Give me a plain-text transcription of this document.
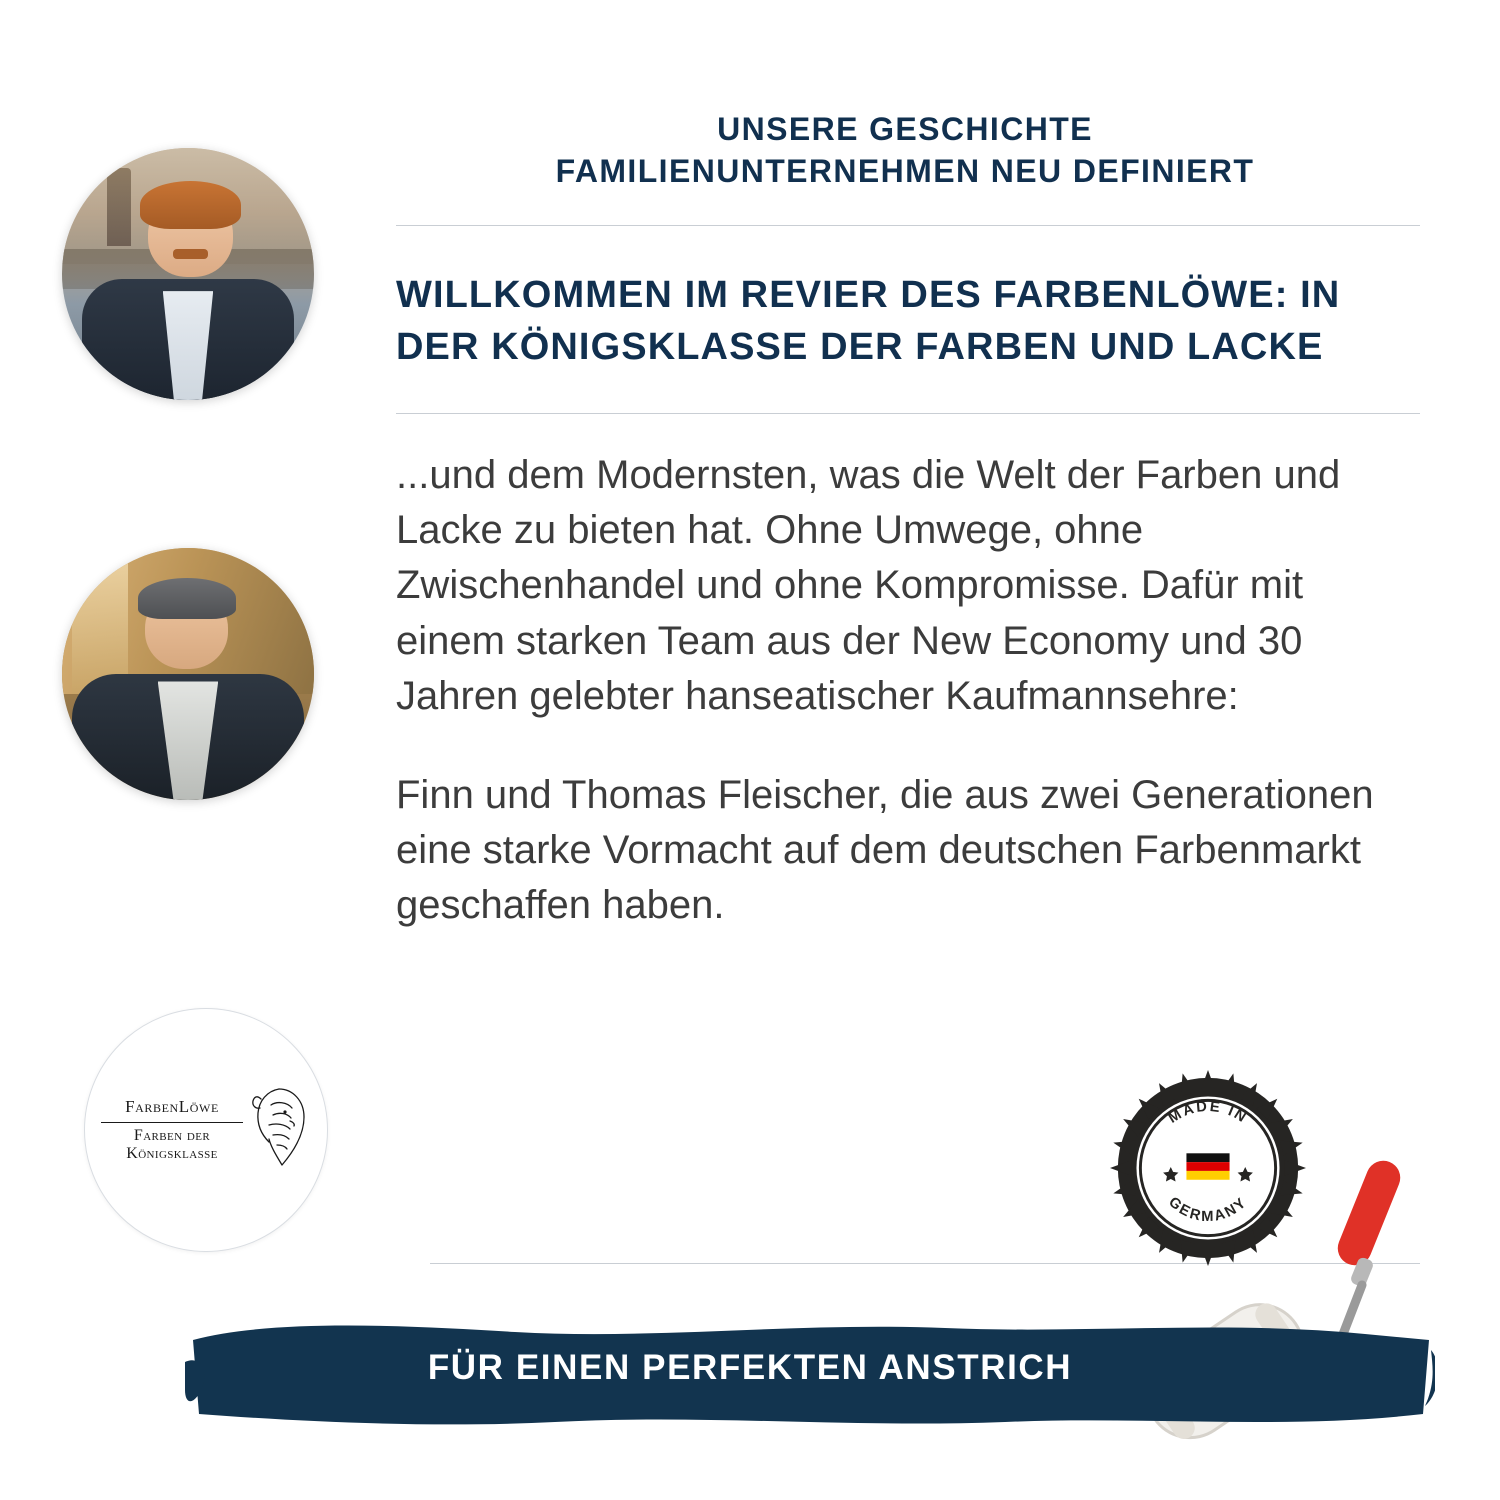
FarbenLöwe
Farben der Königsklasse
UNSERE GESCHICHTE
FAMILIENUNTERNEHMEN NEU DEFINIERT
WILLKOMMEN IM REVIER DES FARBENLÖWE: IN DER KÖNIGSKLASSE DER FARBEN UND LACKE

...und dem Modernsten, was die Welt der Farben und Lacke zu bieten hat. Ohne Umwege, ohne Zwischenhandel und ohne Kompromisse. Dafür mit einem starken Team aus der New Economy und 30 Jahren gelebter hanseatischer Kaufmannsehre:

Finn und Thomas Fleischer, die aus zwei Generationen eine starke Vormacht auf dem deutschen Farbenmarkt geschaffen haben.

MADE IN
GERMANY
FÜR EINEN PERFEKTEN ANSTRICH
